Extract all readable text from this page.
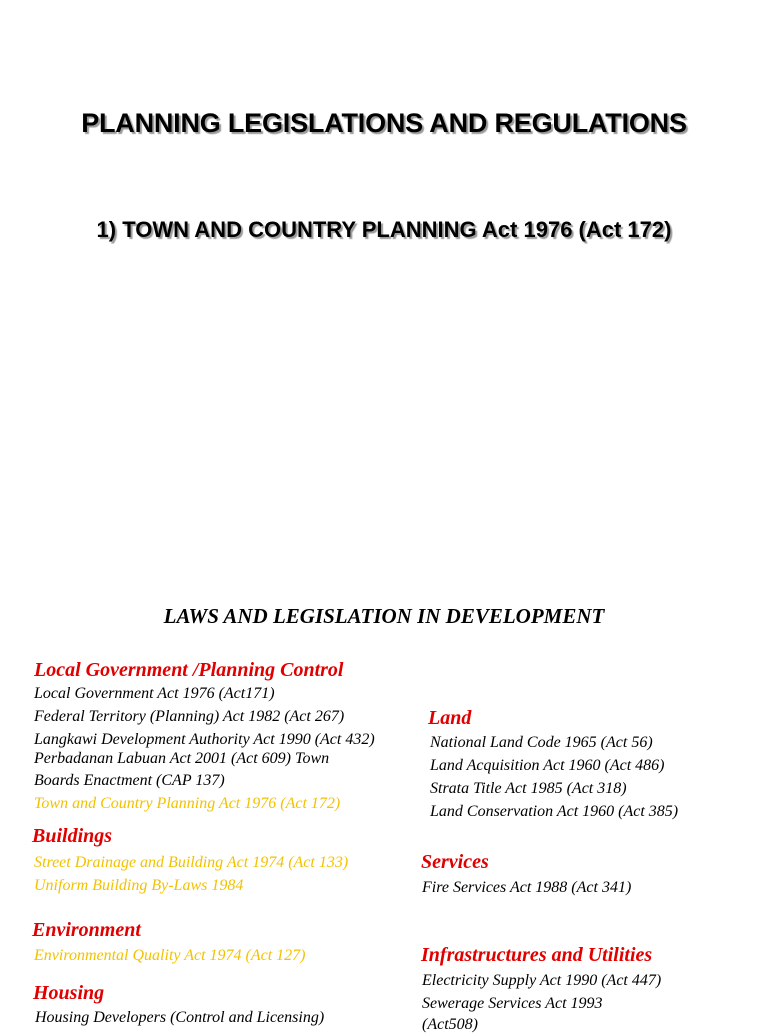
PLANNING LEGISLATIONS AND REGULATIONS
1) TOWN AND COUNTRY PLANNING Act 1976 (Act 172)
LAWS AND LEGISLATION IN DEVELOPMENT
Local Government /Planning Control
Local Government Act 1976 (Act171)
Federal Territory (Planning) Act 1982 (Act 267)
Langkawi Development Authority Act 1990 (Act 432)
Perbadanan Labuan Act 2001 (Act 609) Town
Boards Enactment (CAP 137)
Town and Country Planning Act 1976 (Act 172)
Buildings
Street Drainage and Building Act 1974 (Act 133)
Uniform Building By-Laws 1984
Environment
Environmental Quality Act 1974 (Act 127)
Housing
Housing Developers (Control and Licensing)
Land
National Land Code 1965 (Act 56)
Land Acquisition Act 1960 (Act 486)
Strata Title Act 1985 (Act 318)
Land Conservation Act 1960 (Act 385)
Services
Fire Services Act 1988 (Act 341)
Infrastructures and Utilities
Electricity Supply Act 1990 (Act 447)
Sewerage Services Act 1993
(Act508)
